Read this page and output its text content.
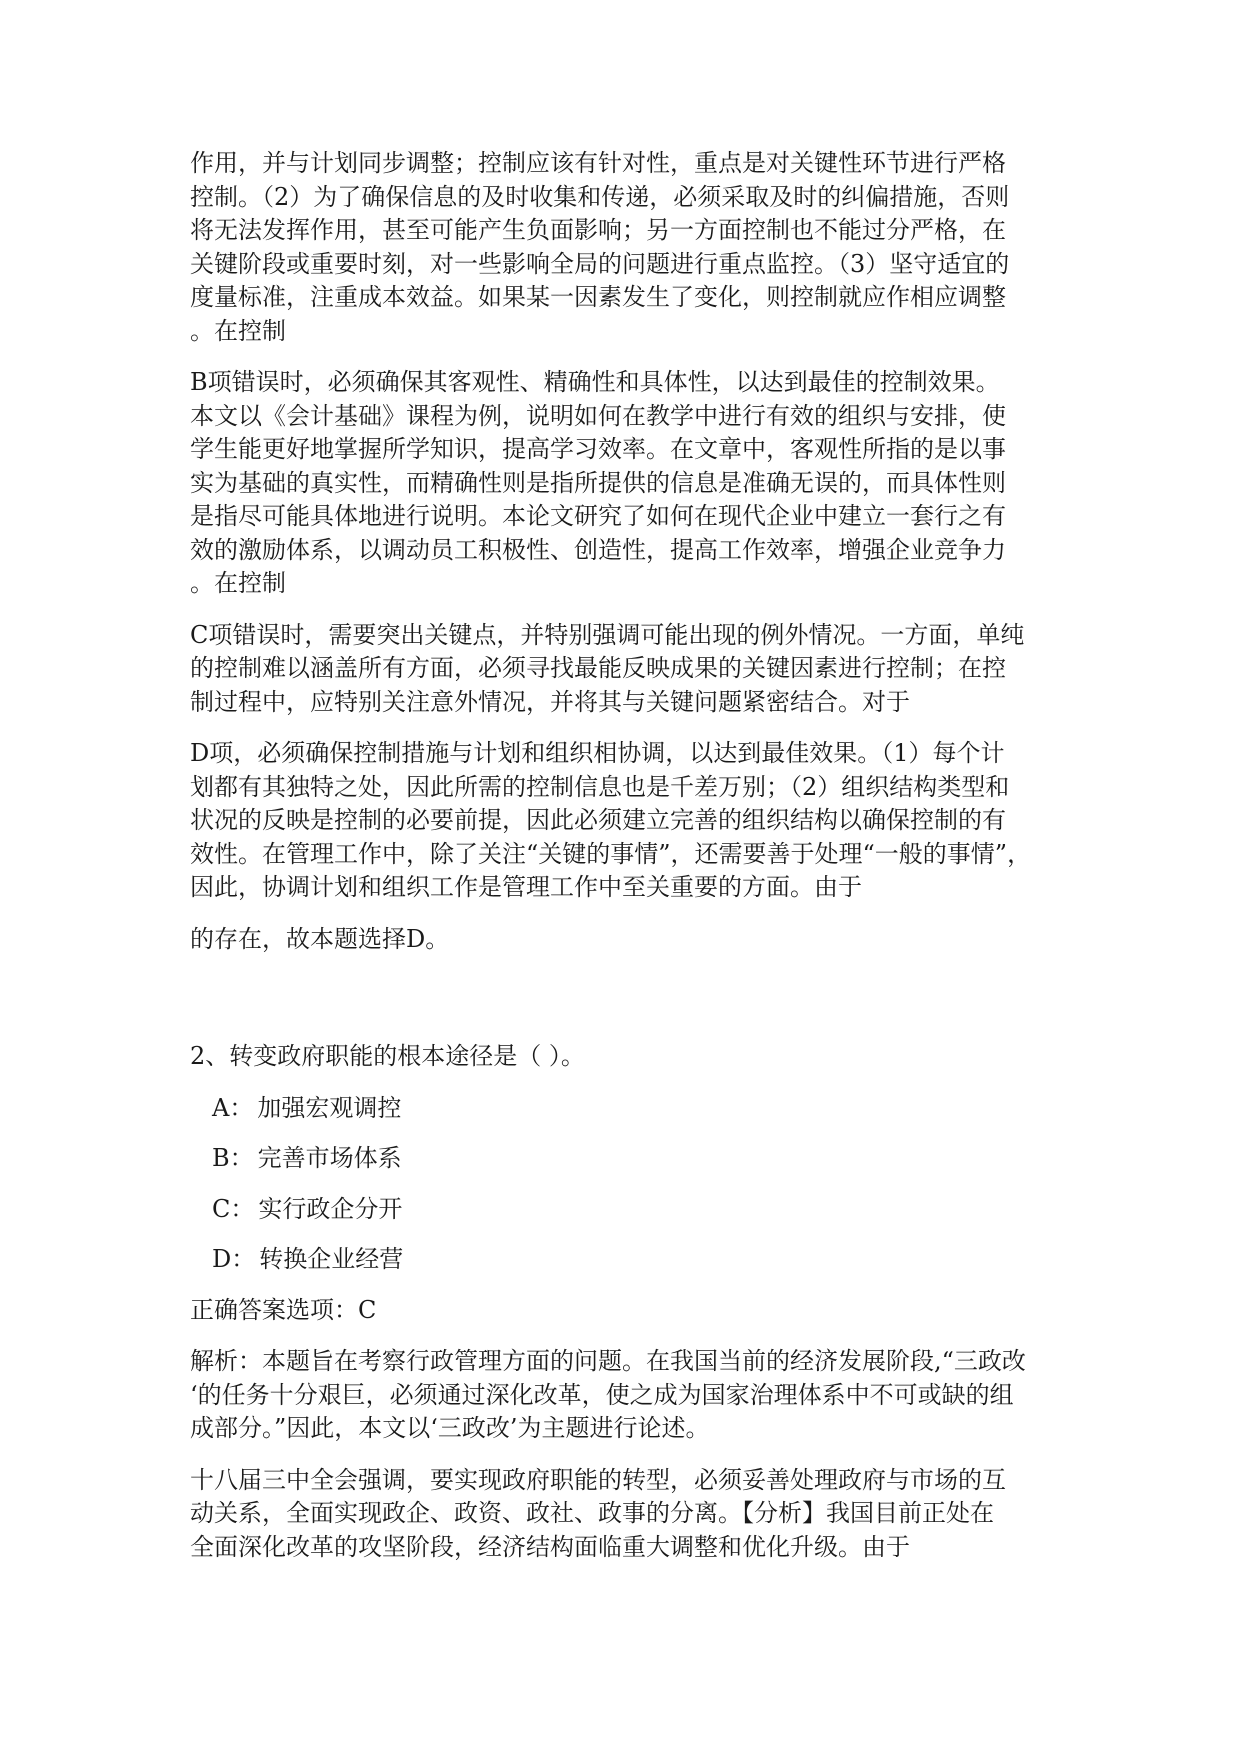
作用，并与计划同步调整；控制应该有针对性，重点是对关键性环节进行严格
控制。（2）为了确保信息的及时收集和传递，必须采取及时的纠偏措施，否则
将无法发挥作用，甚至可能产生负面影响；另一方面控制也不能过分严格，在
关键阶段或重要时刻，对一些影响全局的问题进行重点监控。（3）坚守适宜的
度量标准，注重成本效益。如果某一因素发生了变化，则控制就应作相应调整
。在控制

B项错误时，必须确保其客观性、精确性和具体性，以达到最佳的控制效果。
本文以《会计基础》课程为例，说明如何在教学中进行有效的组织与安排，使
学生能更好地掌握所学知识，提高学习效率。在文章中，客观性所指的是以事
实为基础的真实性，而精确性则是指所提供的信息是准确无误的，而具体性则
是指尽可能具体地进行说明。本论文研究了如何在现代企业中建立一套行之有
效的激励体系，以调动员工积极性、创造性，提高工作效率，增强企业竞争力
。在控制

C项错误时，需要突出关键点，并特别强调可能出现的例外情况。一方面，单纯
的控制难以涵盖所有方面，必须寻找最能反映成果的关键因素进行控制；在控
制过程中，应特别关注意外情况，并将其与关键问题紧密结合。对于

D项，必须确保控制措施与计划和组织相协调，以达到最佳效果。（1）每个计
划都有其独特之处，因此所需的控制信息也是千差万别；（2）组织结构类型和
状况的反映是控制的必要前提，因此必须建立完善的组织结构以确保控制的有
效性。在管理工作中，除了关注“关键的事情”，还需要善于处理“一般的事情”，
因此，协调计划和组织工作是管理工作中至关重要的方面。由于

的存在，故本题选择D。

2、转变政府职能的根本途径是（ ）。

A： 加强宏观调控
B： 完善市场体系
C： 实行政企分开
D： 转换企业经营

正确答案选项：C

解析：本题旨在考察行政管理方面的问题。在我国当前的经济发展阶段,“三政改
‘的任务十分艰巨，必须通过深化改革，使之成为国家治理体系中不可或缺的组
成部分。”因此，本文以‘三政改’为主题进行论述。

十八届三中全会强调，要实现政府职能的转型，必须妥善处理政府与市场的互
动关系，全面实现政企、政资、政社、政事的分离。【分析】我国目前正处在
全面深化改革的攻坚阶段，经济结构面临重大调整和优化升级。由于
